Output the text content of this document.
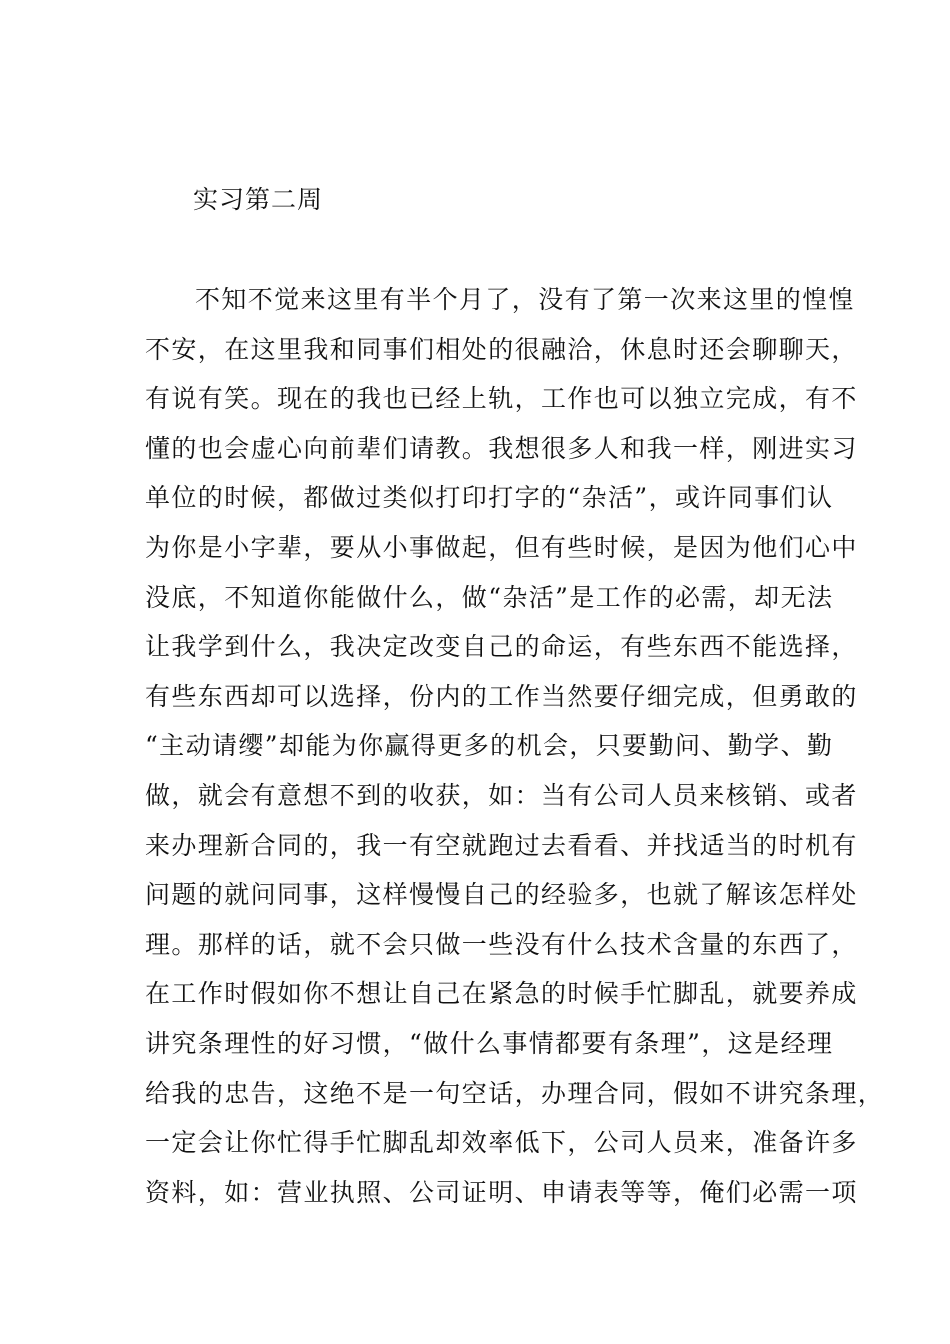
实习第二周
不知不觉来这里有半个月了，没有了第一次来这里的惶惶
不安，在这里我和同事们相处的很融洽，休息时还会聊聊天，
有说有笑。现在的我也已经上轨，工作也可以独立完成，有不
懂的也会虚心向前辈们请教。我想很多人和我一样，刚进实习
单位的时候，都做过类似打印打字的“杂活”，或许同事们认
为你是小字辈，要从小事做起，但有些时候，是因为他们心中
没底，不知道你能做什么，做“杂活”是工作的必需，却无法
让我学到什么，我决定改变自己的命运，有些东西不能选择，
有些东西却可以选择，份内的工作当然要仔细完成，但勇敢的
“主动请缨”却能为你赢得更多的机会，只要勤问、勤学、勤
做，就会有意想不到的收获，如：当有公司人员来核销、或者
来办理新合同的，我一有空就跑过去看看、并找适当的时机有
问题的就问同事，这样慢慢自己的经验多，也就了解该怎样处
理。那样的话，就不会只做一些没有什么技术含量的东西了，
在工作时假如你不想让自己在紧急的时候手忙脚乱，就要养成
讲究条理性的好习惯，“做什么事情都要有条理”，这是经理
给我的忠告，这绝不是一句空话，办理合同，假如不讲究条理，
一定会让你忙得手忙脚乱却效率低下，公司人员来，准备许多
资料，如：营业执照、公司证明、申请表等等，俺们必需一项
